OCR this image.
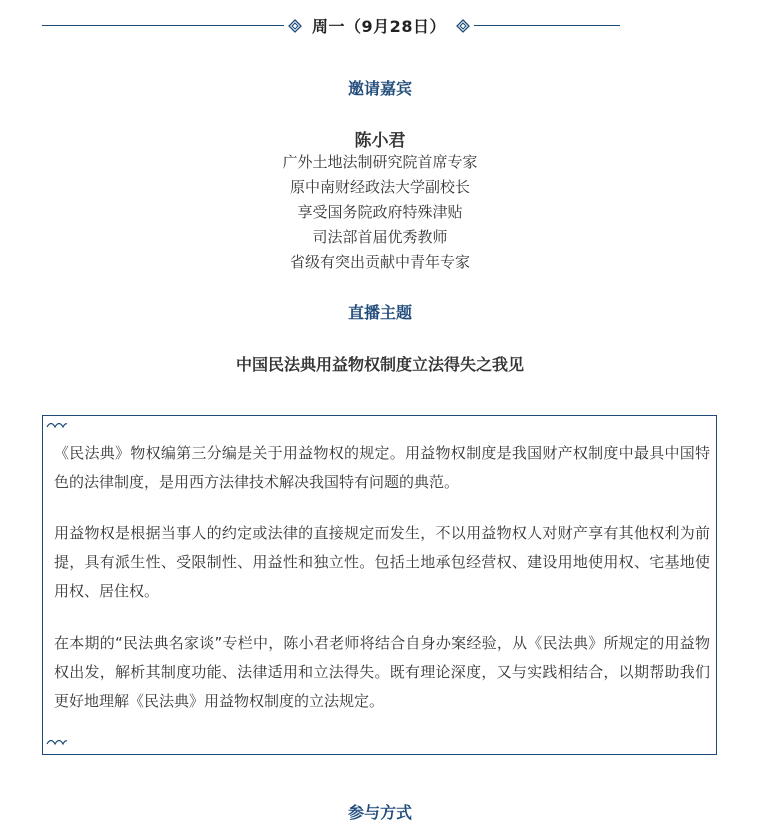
周一（9月28日）
邀请嘉宾
陈小君
广外土地法制研究院首席专家
原中南财经政法大学副校长
享受国务院政府特殊津贴
司法部首届优秀教师
省级有突出贡献中青年专家
直播主题
中国民法典用益物权制度立法得失之我见

《民法典》物权编第三分编是关于用益物权的规定。用益物权制度是我国财产权制度中最具中国特色的法律制度，是用西方法律技术解决我国特有问题的典范。

用益物权是根据当事人的约定或法律的直接规定而发生，不以用益物权人对财产享有其他权利为前提，具有派生性、受限制性、用益性和独立性。包括土地承包经营权、建设用地使用权、宅基地使用权、居住权。

在本期的“民法典名家谈”专栏中，陈小君老师将结合自身办案经验，从《民法典》所规定的用益物权出发，解析其制度功能、法律适用和立法得失。既有理论深度，又与实践相结合，以期帮助我们更好地理解《民法典》用益物权制度的立法规定。

参与方式
